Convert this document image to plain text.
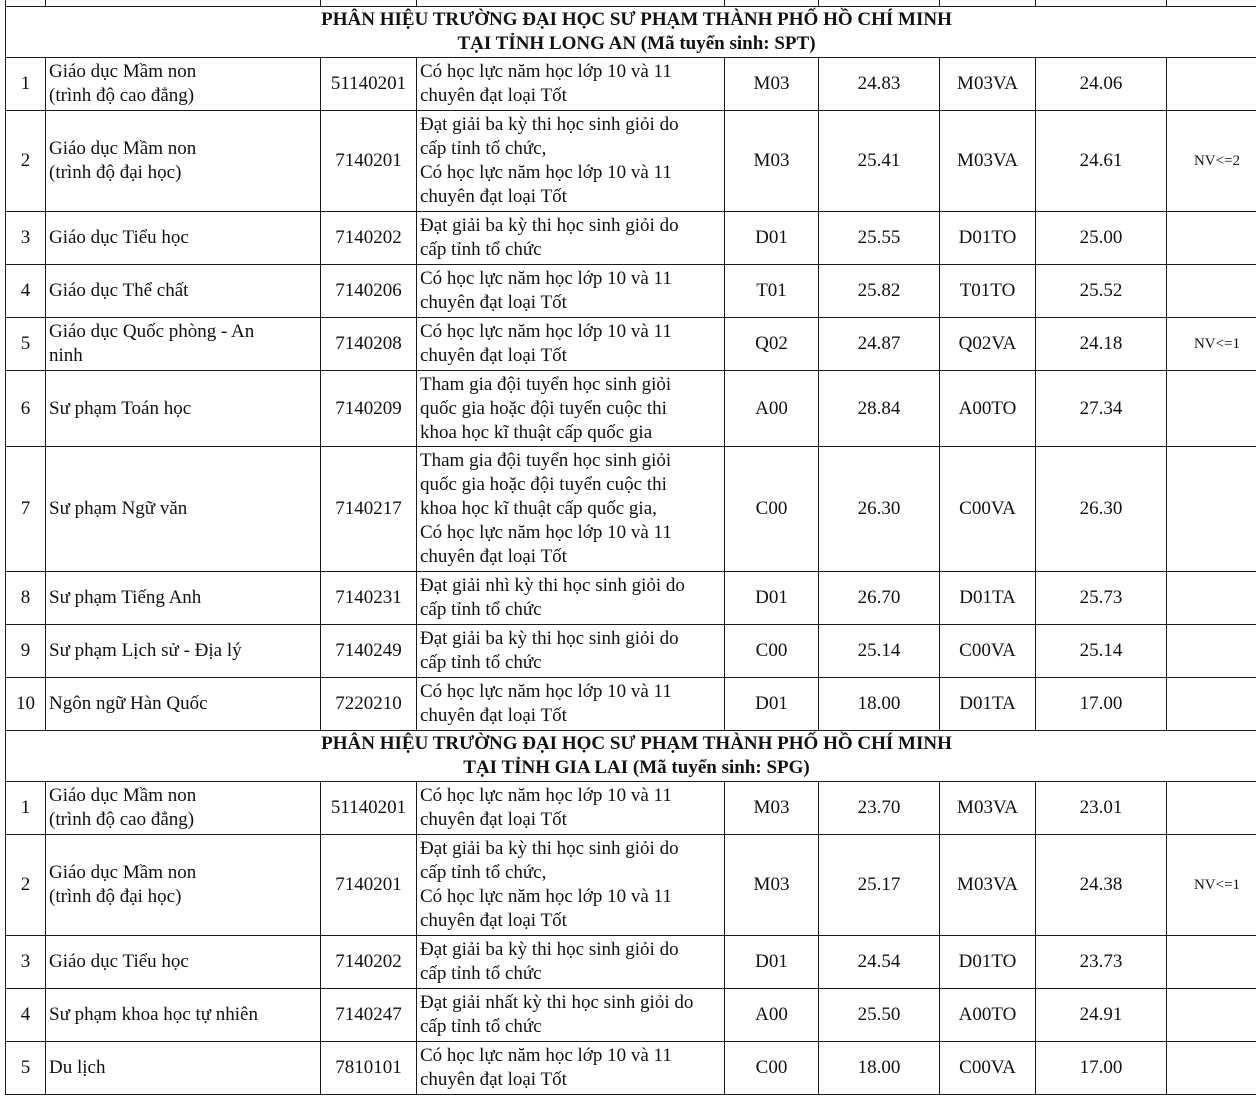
PHÂN HIỆU TRƯỜNG ĐẠI HỌC SƯ PHẠM THÀNH PHỐ HỒ CHÍ MINH
TẠI TỈNH LONG AN (Mã tuyển sinh: SPT)								

1	Giáo dục Mầm non
(trình độ cao đẳng)	51140201	Có học lực năm học lớp 10 và 11
chuyên đạt loại Tốt	M03	24.83	M03VA	24.06	
2	Giáo dục Mầm non
(trình độ đại học)	7140201	Đạt giải ba kỳ thi học sinh giỏi do
cấp tỉnh tổ chức,
Có học lực năm học lớp 10 và 11
chuyên đạt loại Tốt	M03	25.41	M03VA	24.61	NV<=2
3	Giáo dục Tiểu học	7140202	Đạt giải ba kỳ thi học sinh giỏi do
cấp tỉnh tổ chức	D01	25.55	D01TO	25.00	
4	Giáo dục Thể chất	7140206	Có học lực năm học lớp 10 và 11
chuyên đạt loại Tốt	T01	25.82	T01TO	25.52	
5	Giáo dục Quốc phòng - An
ninh	7140208	Có học lực năm học lớp 10 và 11
chuyên đạt loại Tốt	Q02	24.87	Q02VA	24.18	NV<=1
6	Sư phạm Toán học	7140209	Tham gia đội tuyển học sinh giỏi
quốc gia hoặc đội tuyển cuộc thi
khoa học kĩ thuật cấp quốc gia	A00	28.84	A00TO	27.34	
7	Sư phạm Ngữ văn	7140217	Tham gia đội tuyển học sinh giỏi
quốc gia hoặc đội tuyển cuộc thi
khoa học kĩ thuật cấp quốc gia,
Có học lực năm học lớp 10 và 11
chuyên đạt loại Tốt	C00	26.30	C00VA	26.30	
8	Sư phạm Tiếng Anh	7140231	Đạt giải nhì kỳ thi học sinh giỏi do
cấp tỉnh tổ chức	D01	26.70	D01TA	25.73	
9	Sư phạm Lịch sử - Địa lý	7140249	Đạt giải ba kỳ thi học sinh giỏi do
cấp tỉnh tổ chức	C00	25.14	C00VA	25.14	
10	Ngôn ngữ Hàn Quốc	7220210	Có học lực năm học lớp 10 và 11
chuyên đạt loại Tốt	D01	18.00	D01TA	17.00	

PHÂN HIỆU TRƯỜNG ĐẠI HỌC SƯ PHẠM THÀNH PHỐ HỒ CHÍ MINH
TẠI TỈNH GIA LAI (Mã tuyển sinh: SPG)								

1	Giáo dục Mầm non
(trình độ cao đẳng)	51140201	Có học lực năm học lớp 10 và 11
chuyên đạt loại Tốt	M03	23.70	M03VA	23.01	
2	Giáo dục Mầm non
(trình độ đại học)	7140201	Đạt giải ba kỳ thi học sinh giỏi do
cấp tỉnh tổ chức,
Có học lực năm học lớp 10 và 11
chuyên đạt loại Tốt	M03	25.17	M03VA	24.38	NV<=1
3	Giáo dục Tiểu học	7140202	Đạt giải ba kỳ thi học sinh giỏi do
cấp tỉnh tổ chức	D01	24.54	D01TO	23.73	
4	Sư phạm khoa học tự nhiên	7140247	Đạt giải nhất kỳ thi học sinh giỏi do
cấp tỉnh tổ chức	A00	25.50	A00TO	24.91	
5	Du lịch	7810101	Có học lực năm học lớp 10 và 11
chuyên đạt loại Tốt	C00	18.00	C00VA	17.00	
